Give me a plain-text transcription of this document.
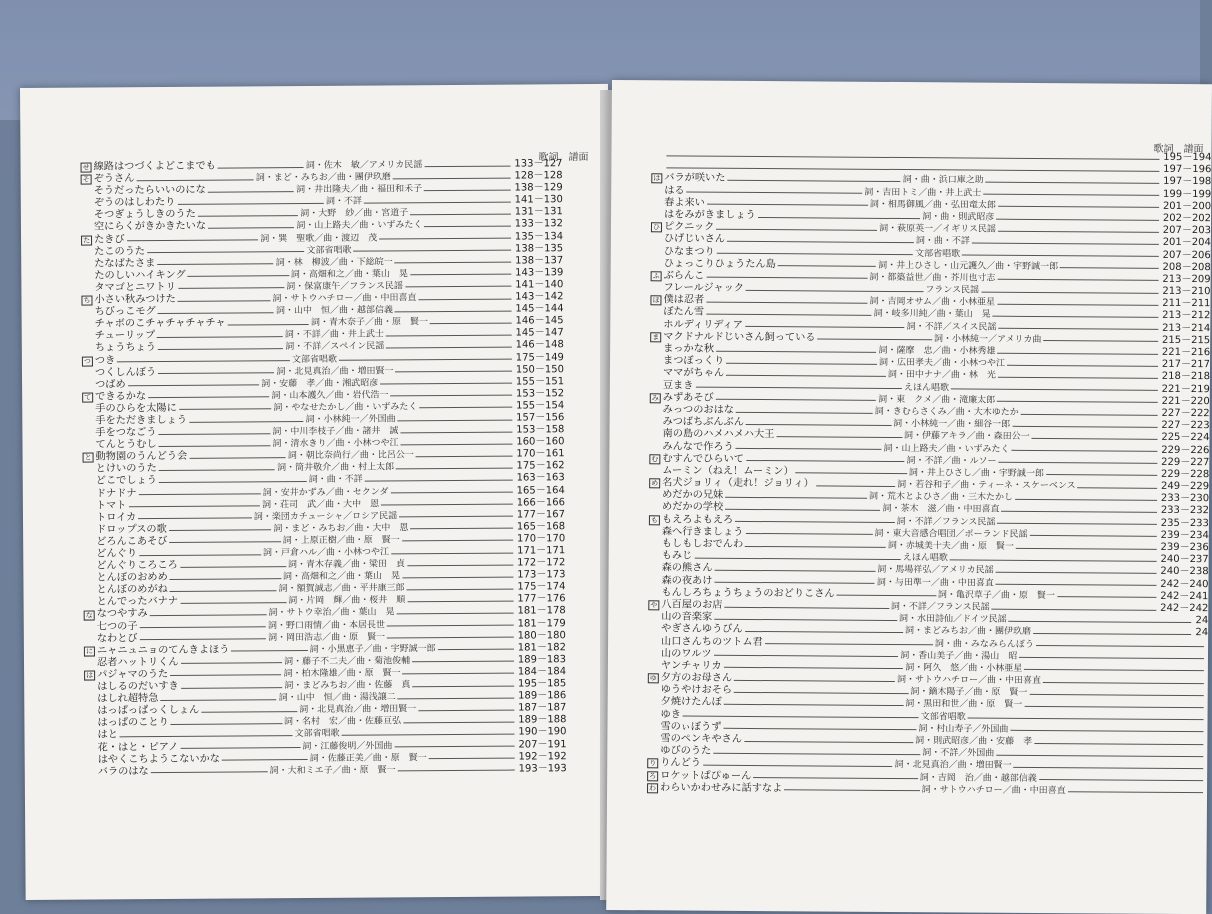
歌詞　譜面
せ 線路はつづくよどこまでも	詞・佐木　敏／アメリカ民謡	133－127
そ ぞうさん	詞・まど・みちお／曲・團伊玖磨	128－128
そうだったらいいのにな	詞・井出隆夫／曲・福田和禾子	138－129
ぞうのはしわたり	詞・不詳	141－130
そつぎょうしきのうた	詞・大野　紗／曲・宮道子	131－131
空にらくがきかきたいな	詞・山上路夫／曲・いずみたく	133－132
た たきび	詞・巽　聖歌／曲・渡辺　茂	135－134
たこのうた	文部省唱歌	138－135
たなばたさま	詞・林　柳波／曲・下総皖一	138－137
たのしいハイキング	詞・高畑和之／曲・葉山　晃	143－139
タマゴとニワトリ	詞・保富康午／フランス民謡	141－140
ち 小さい秋みつけた	詞・サトウハチロー／曲・中田喜直	143－142
ちびっこモグ	詞・山中　恒／曲・越部信義	145－144
チャボのこチャチャチャチャ	詞・青木奈子／曲・原　賢一	146－145
チューリップ	詞・不詳／曲・井上武士	145－147
ちょうちょう	詞・不詳／スペイン民謡	146－148
つ つき	文部省唱歌	175－149
つくしんぼう	詞・北見真治／曲・増田賢一	150－150
つばめ	詞・安藤　孝／曲・湘武昭彦	155－151
て できるかな	詞・山本護久／曲・岩代浩一	153－152
手のひらを太陽に	詞・やなせたかし／曲・いずみたく	155－154
手をただきましょう	詞・小林純一／外国曲	157－156
手をつなごう	詞・中川李枝子／曲・諸井　誠	153－158
てんとうむし	詞・清水きり／曲・小林つや江	160－160
と 動物園のうんどう会	詞・朝比奈尚行／曲・比呂公一	170－161
とけいのうた	詞・筒井敬介／曲・村上太郎	175－162
どこでしょう	詞・曲・不詳	163－163
ドナドナ	詞・安井かずみ／曲・セクンダ	165－164
トマト	詞・荘司　武／曲・大中　恩	166－166
トロイカ	詞・楽団カチューシャ／ロシア民謡	177－167
ドロップスの歌	詞・まど・みちお／曲・大中　恩	165－168
どろんこあそび	詞・上原正樹／曲・原　賢一	170－170
どんぐり	詞・戸倉ハル／曲・小林つや江	171－171
どんぐりころころ	詞・青木存義／曲・梁田　貞	172－172
とんぼのおめめ	詞・高畑和之／曲・葉山　晃	173－173
とんぼのめがね	詞・額賀誠志／曲・平井康三郎	175－174
とんでったバナナ	詞・片岡　輝／曲・桜井　順	177－176
な なつやすみ	詞・サトウ幸治／曲・葉山　晃	181－178
七つの子	詞・野口雨情／曲・本居長世	181－179
なわとび	詞・岡田浩志／曲・原　賢一	180－180
に ニャニュニョのてんきよほう	詞・小黒恵子／曲・宇野誠一郎	181－182
忍者ハットリくん	詞・藤子不二夫／曲・菊池俊輔	189－183
は パジャマのうた	詞・柏木隆雄／曲・原　賢一	184－184
はしるのだいすき	詞・まどみちお／曲・佐藤　真	195－185
はしれ超特急	詞・山中　恒／曲・湯浅譲二	189－186
はっぱっぱっくしょん	詞・北見真治／曲・増田賢一	187－187
はっぱのことり	詞・名村　宏／曲・佐藤亘弘	189－188
はと	文部省唱歌	190－190
花・はと・ピアノ	詞・江藤俊明／外国曲	207－191
はやくこちようこないかな	詞・佐藤正美／曲・原　賢一	192－192
バラのはな	詞・大和ミエ子／曲・原　賢一	193－193
歌詞　譜面
195－194
197－196
は バラが咲いた	詞・曲・浜口庫之助	197－198
はる	詞・吉田トミ／曲・井上武士	199－199
春よ来い	詞・相馬御風／曲・弘田竜太郎	201－200
はをみがきましょう	詞・曲・則武昭彦	202－202
ひ ピクニック	詞・萩原英一／イギリス民謡	207－203
ひげじいさん	詞・曲・不詳	201－204
ひなまつり	文部省唱歌	207－206
ひょっこりひょうたん島	詞・井上ひさし・山元護久／曲・宇野誠一郎	208－208
ふ ぶらんこ	詞・都築益世／曲・芥川也寸志	213－209
フレールジャック	フランス民謡	213－210
ほ 僕は忍者	詞・吉岡オサム／曲・小林亜星	211－211
ぼたん雪	詞・岐多川純／曲・葉山　晃	213－212
ホルディリディア	詞・不詳／スイス民謡	213－214
ま マクドナルドじいさん飼っている	詞・小林純一／アメリカ曲	215－215
まっかな秋	詞・薩摩　忠／曲・小林秀雄	221－216
まつぼっくり	詞・広田孝夫／曲・小林つや江	217－217
ママがちゃん	詞・田中ナナ／曲・林　光	218－218
豆まき	えほん唱歌	221－219
み みずあそび	詞・東　クメ／曲・滝廉太郎	221－220
みっつのおはな	詞・きむらさくみ／曲・大木ゆたか	227－222
みつばちぶんぶん	詞・小林純一／曲・細谷一郎	227－223
南の島のハメハメハ大王	詞・伊藤アキラ／曲・森田公一	225－224
みんなで作ろう	詞・山上路夫／曲・いずみたく	229－226
む むすんでひらいて	詞・不詳／曲・ルソー	229－227
ムーミン（ねえ！ムーミン）	詞・井上ひさし／曲・宇野誠一郎	229－228
め 名犬ジョリィ（走れ！ジョリィ）	詞・若谷和子／曲・ティーネ・スケーベンス	249－229
めだかの兄妹	詞・荒木とよひさ／曲・三木たかし	233－230
めだかの学校	詞・茶木　滋／曲・中田喜直	233－232
も もえろよもえろ	詞・不詳／フランス民謡	235－233
森へ行きましょう	詞・東大音感合唱団／ポーランド民謡	239－234
もしもしおでんわ	詞・赤城美十夫／曲・原　賢一	239－236
もみじ	えほん唱歌	240－237
森の熊さん	詞・馬場祥弘／アメリカ民謡	240－238
森の夜あけ	詞・与田準一／曲・中田喜直	242－240
もんしろちょうちょうのおどりこさん	詞・亀沢草子／曲・原　賢一	242－241
や 八百屋のお店	詞・不詳／フランス民謡	242－242
山の音楽家	詞・水田詩仙／ドイツ民謡	24
やぎさんゆうびん	詞・まどみちお／曲・團伊玖磨	24
山口さんちのツトム君	詞・曲・みなみらんぼう
山のワルツ	詞・香山美子／曲・湯山　昭
ヤンチャリカ	詞・阿久　悠／曲・小林亜星
ゆ 夕方のお母さん	詞・サトウハチロー／曲・中田喜直
ゆうやけおそら	詞・鏑木陽子／曲・原　賢一
夕焼けたんぼ	詞・黒田和世／曲・原　賢一
ゆき	文部省唱歌
雪のぃぼうず	詞・村山寿子／外国曲
雪のペンキやさん	詞・則武昭彦／曲・安藤　孝
ゆびのうた	詞・不詳／外国曲
り りんどう	詞・北見真治／曲・増田賢一
ろ ロケットぱぴゅーん	詞・吉岡　治／曲・越部信義
わ わらいかわせみに話すなよ	詞・サトウハチロー／曲・中田喜直
